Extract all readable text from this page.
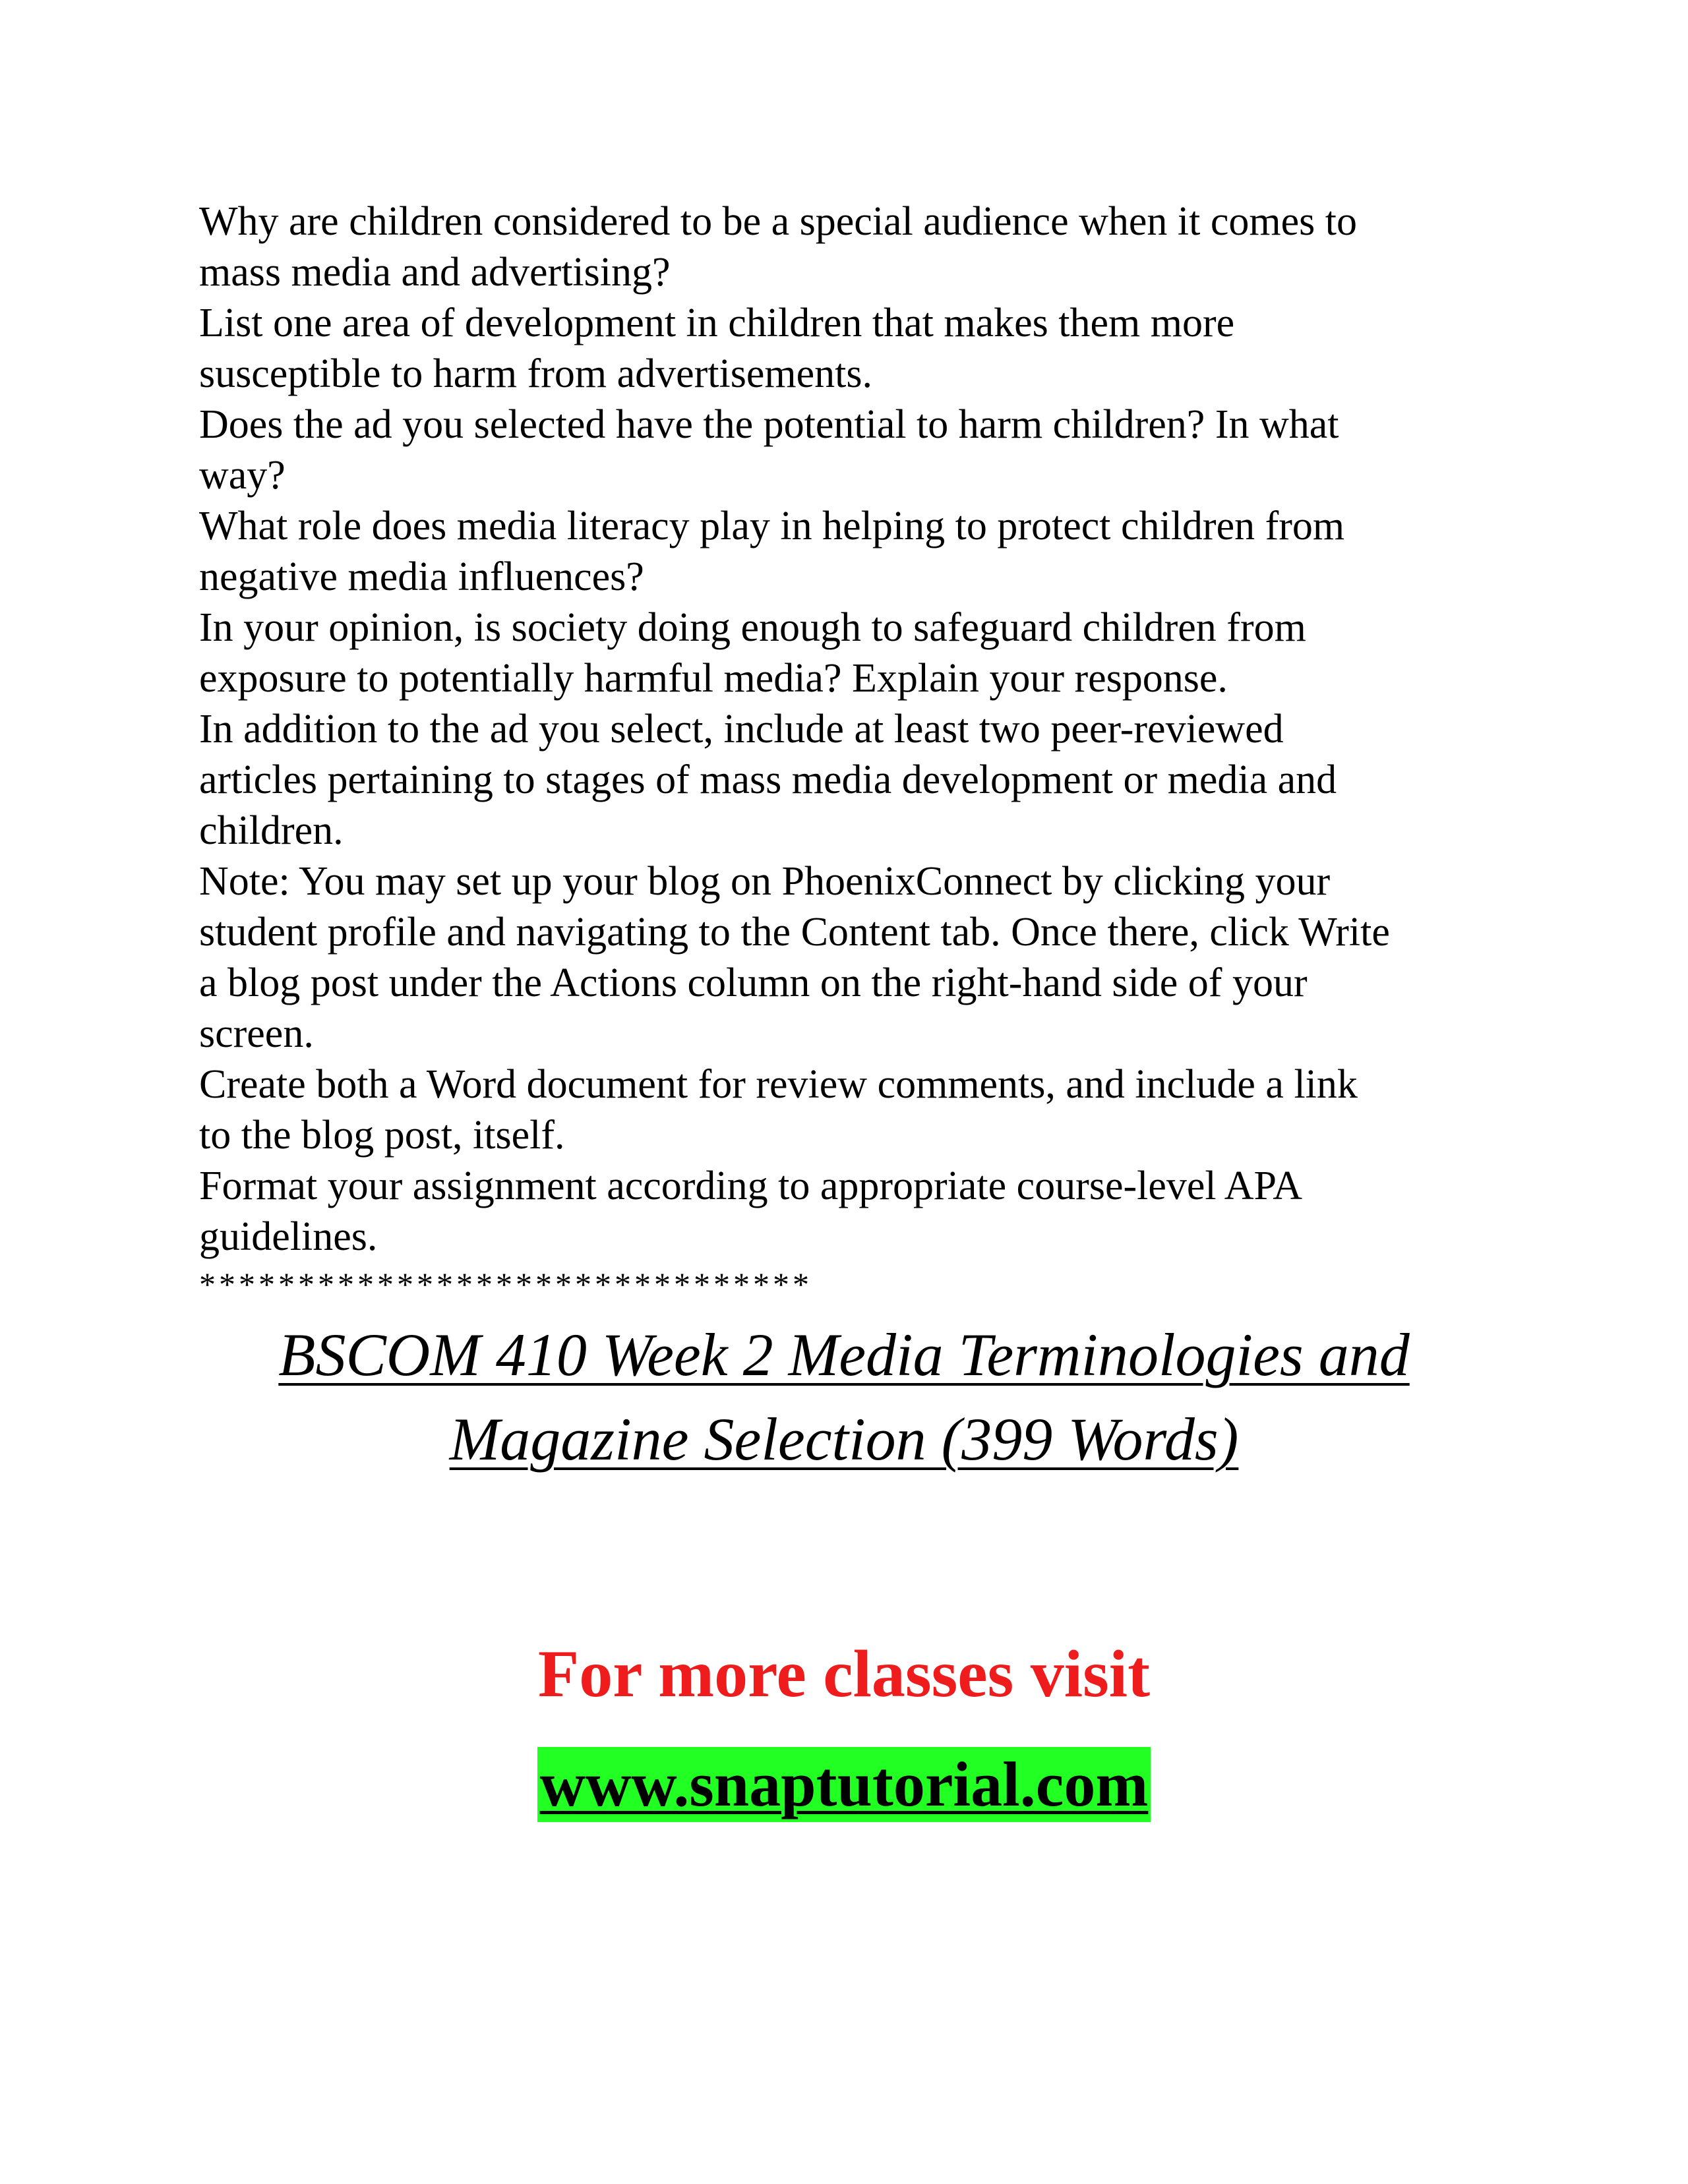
Why are children considered to be a special audience when it comes to
mass media and advertising?
List one area of development in children that makes them more
susceptible to harm from advertisements.
Does the ad you selected have the potential to harm children? In what
way?
What role does media literacy play in helping to protect children from
negative media influences?
In your opinion, is society doing enough to safeguard children from
exposure to potentially harmful media? Explain your response.
In addition to the ad you select, include at least two peer-reviewed
articles pertaining to stages of mass media development or media and
children.
Note: You may set up your blog on PhoenixConnect by clicking your
student profile and navigating to the Content tab. Once there, click Write
a blog post under the Actions column on the right-hand side of your
screen.
Create both a Word document for review comments, and include a link
to the blog post, itself.
Format your assignment according to appropriate course-level APA
guidelines.
*******************************
BSCOM 410 Week 2 Media Terminologies and
Magazine Selection (399 Words)
For more classes visit
www.snaptutorial.com
